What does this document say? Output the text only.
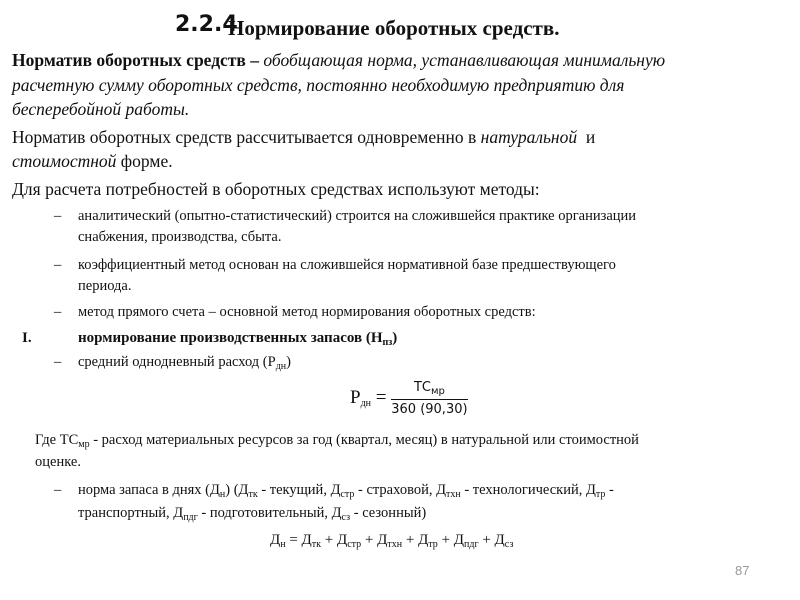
2.2.4
Нормирование оборотных средств.
Норматив оборотных средств – обобщающая норма, устанавливающая минимальную
расчетную сумму оборотных средств, постоянно необходимую предприятию для
бесперебойной работы.
Норматив оборотных средств рассчитывается одновременно в натуральной и
стоимостной форме.
Для расчета потребностей в оборотных средствах используют методы:
– аналитический (опытно-статистический) строится на сложившейся практике организации
снабжения, производства, сбыта.
– коэффициентный метод основан на сложившейся нормативной базе предшествующего
периода.
– метод прямого счета – основной метод нормирования оборотных средств:
I.	нормирование производственных запасов $(Н_{пз})$
– средний однодневный расход $(Р_{дн})$
$Р_{дн} = \frac{ТС_{мр}}{360 (90,30)}$
Где $ТС_{мр}$ - расход материальных ресурсов за год (квартал, месяц) в натуральной или стоимостной
оценке.
– норма запаса в днях $(Д_н)$ ($Д_{тк}$ - текущий, $Д_{стр}$ - страховой, $Д_{тхн}$ - технологический, $Д_{тр}$ -
транспортный, $Д_{пдг}$ - подготовительный, $Д_{сз}$ - сезонный)
$Д_н = Д_{тк} + Д_{стр} + Д_{тхн} + Д_{тр} + Д_{пдг} + Д_{сз}$
87
